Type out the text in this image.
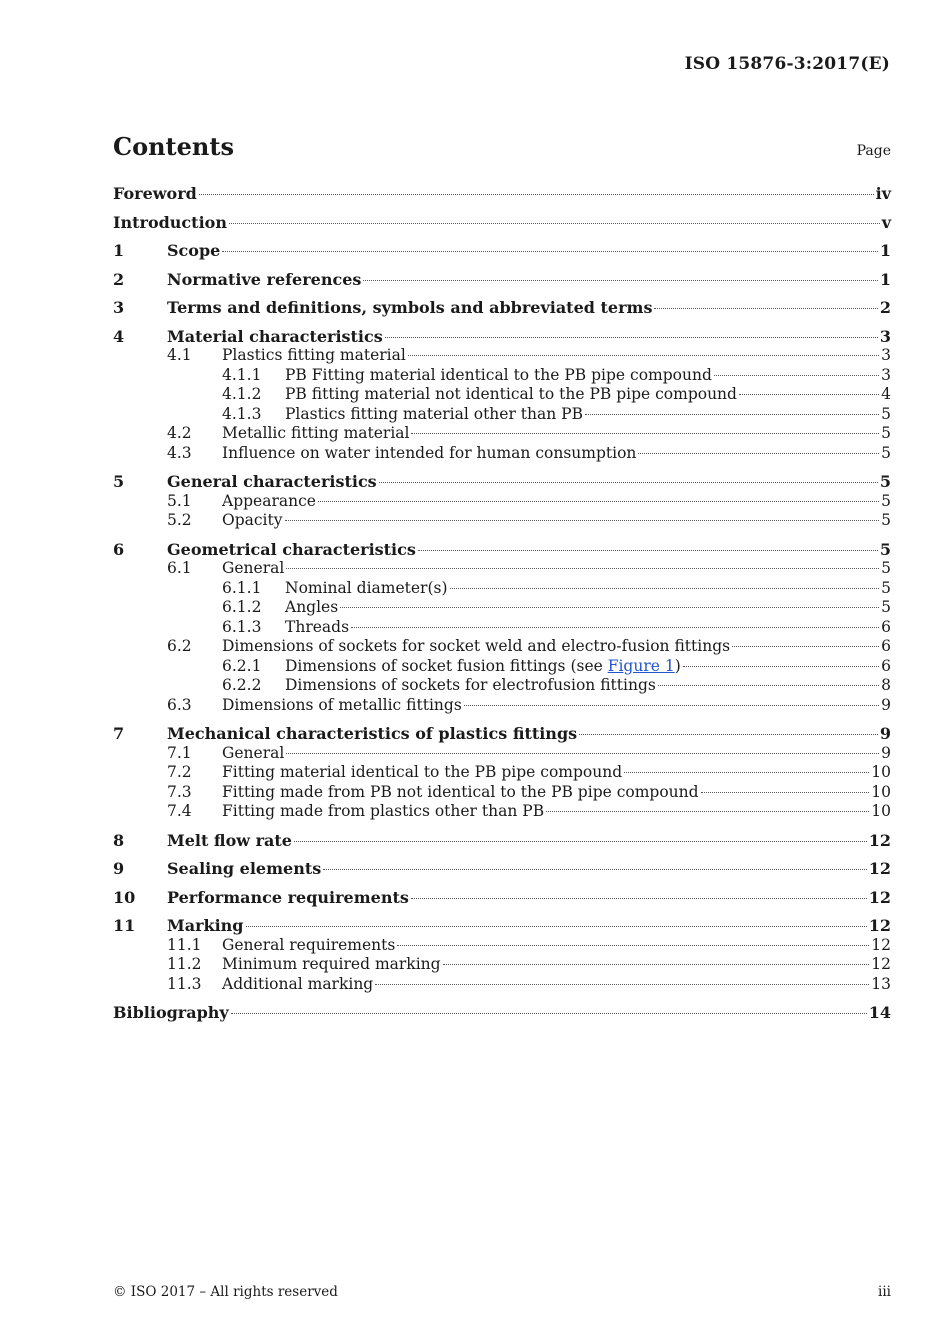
ISO 15876-3:2017(E)
Contents	Page
Foreword	iv
Introduction	v
1	Scope	1
2	Normative references	1
3	Terms and definitions, symbols and abbreviated terms	2
4	Material characteristics	3
4.1 Plastics fitting material	3
4.1.1 PB Fitting material identical to the PB pipe compound	3
4.1.2 PB fitting material not identical to the PB pipe compound	4
4.1.3 Plastics fitting material other than PB	5
4.2 Metallic fitting material	5
4.3 Influence on water intended for human consumption	5
5	General characteristics	5
5.1 Appearance	5
5.2 Opacity	5
6	Geometrical characteristics	5
6.1 General	5
6.1.1 Nominal diameter(s)	5
6.1.2 Angles	5
6.1.3 Threads	6
6.2 Dimensions of sockets for socket weld and electro-fusion fittings	6
6.2.1 Dimensions of socket fusion fittings (see Figure 1)	6
6.2.2 Dimensions of sockets for electrofusion fittings	8
6.3 Dimensions of metallic fittings	9
7	Mechanical characteristics of plastics fittings	9
7.1 General	9
7.2 Fitting material identical to the PB pipe compound	10
7.3 Fitting made from PB not identical to the PB pipe compound	10
7.4 Fitting made from plastics other than PB	10
8	Melt flow rate	12
9	Sealing elements	12
10 Performance requirements	12
11 Marking	12
11.1 General requirements	12
11.2 Minimum required marking	12
11.3 Additional marking	13
Bibliography	14
© ISO 2017 – All rights reserved	iii
